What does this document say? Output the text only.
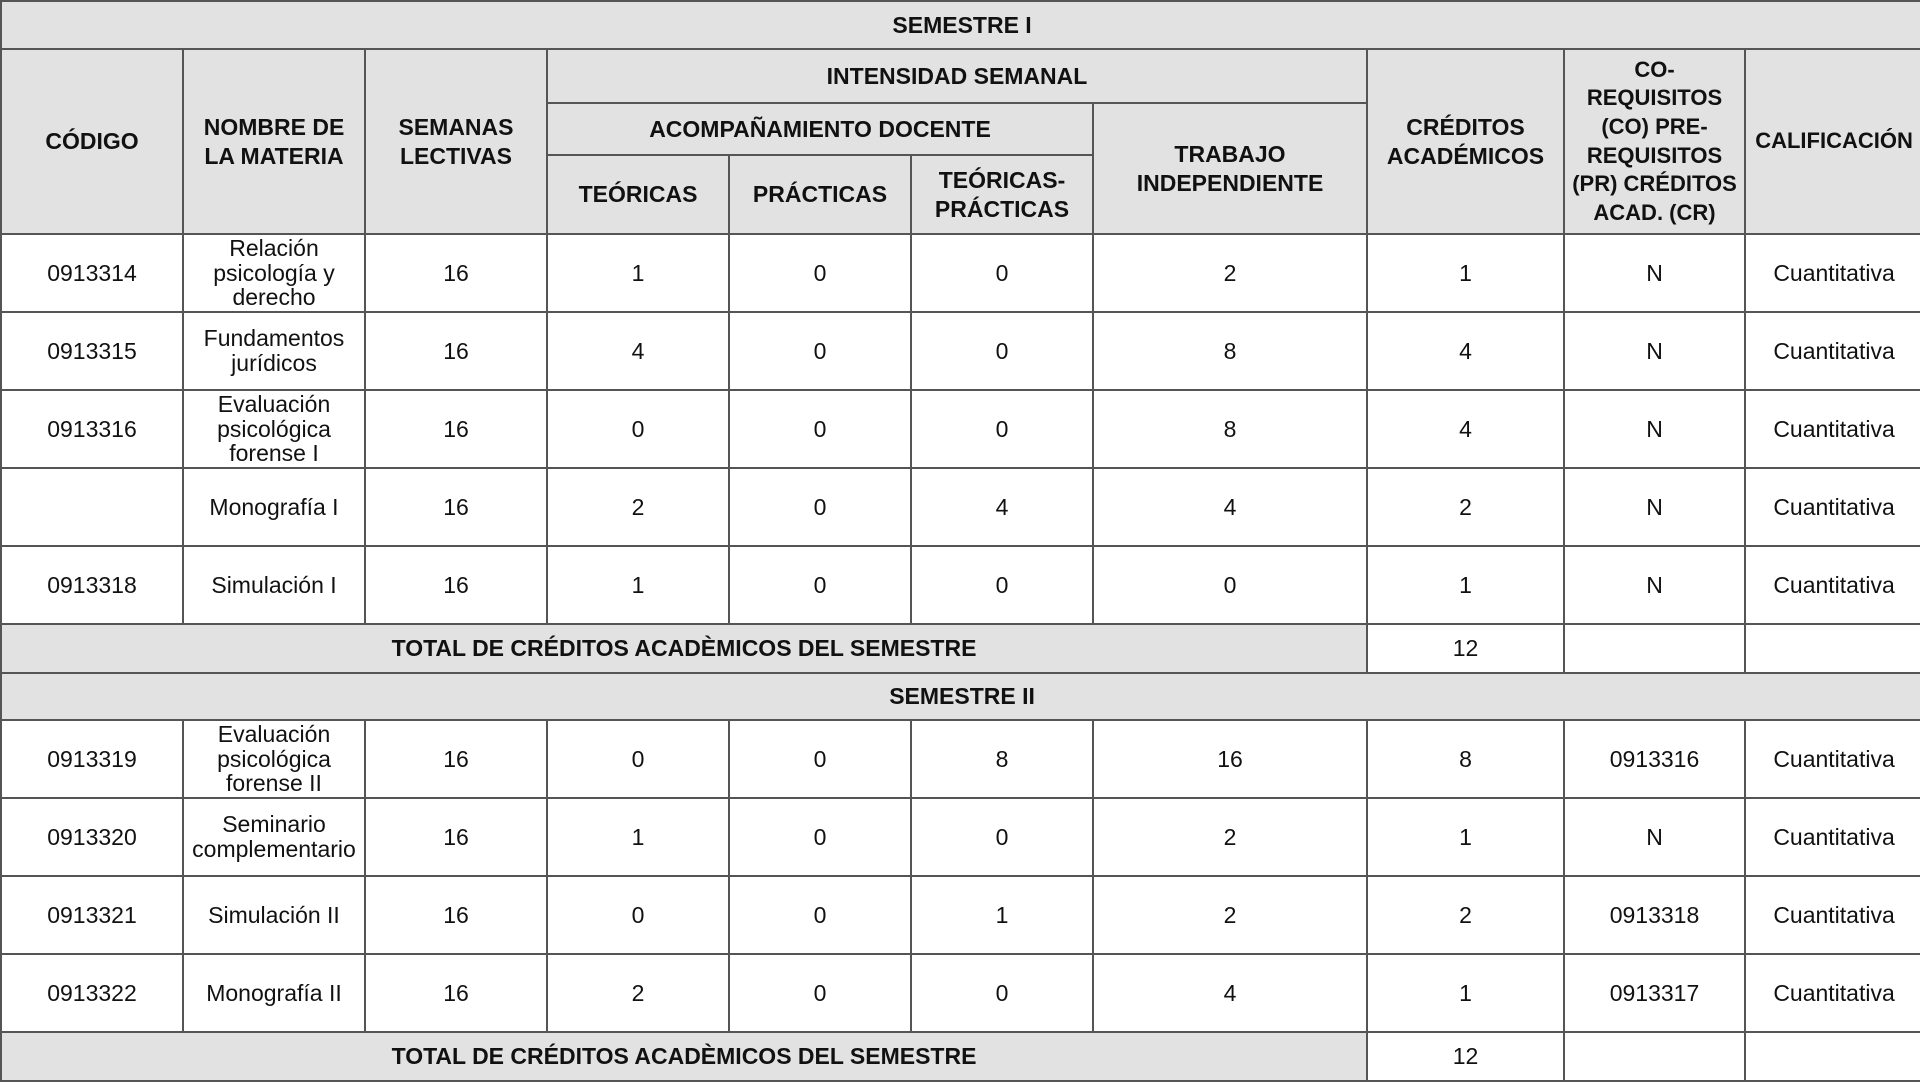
SEMESTRE I									
CÓDIGO	NOMBRE DE LA MATERIA	SEMANAS LECTIVAS	INTENSIDAD SEMANAL				CRÉDITOS ACADÉMICOS	CO-REQUISITOS (CO) PRE-REQUISITOS (PR) CRÉDITOS ACAD. (CR)	CALIFICACIÓN
			ACOMPAÑAMIENTO DOCENTE			TRABAJO INDEPENDIENTE			
			TEÓRICAS	PRÁCTICAS	TEÓRICAS-PRÁCTICAS				
0913314	Relación psicología y derecho	16	1	0	0	2	1	N	Cuantitativa
0913315	Fundamentos jurídicos	16	4	0	0	8	4	N	Cuantitativa
0913316	Evaluación psicológica forense I	16	0	0	0	8	4	N	Cuantitativa
	Monografía I	16	2	0	4	4	2	N	Cuantitativa
0913318	Simulación I	16	1	0	0	0	1	N	Cuantitativa
TOTAL DE CRÉDITOS ACADÈMICOS DEL SEMESTRE							12		
SEMESTRE II									
0913319	Evaluación psicológica forense II	16	0	0	8	16	8	0913316	Cuantitativa
0913320	Seminario complementario	16	1	0	0	2	1	N	Cuantitativa
0913321	Simulación II	16	0	0	1	2	2	0913318	Cuantitativa
0913322	Monografía II	16	2	0	0	4	1	0913317	Cuantitativa
TOTAL DE CRÉDITOS ACADÈMICOS DEL SEMESTRE							12		
